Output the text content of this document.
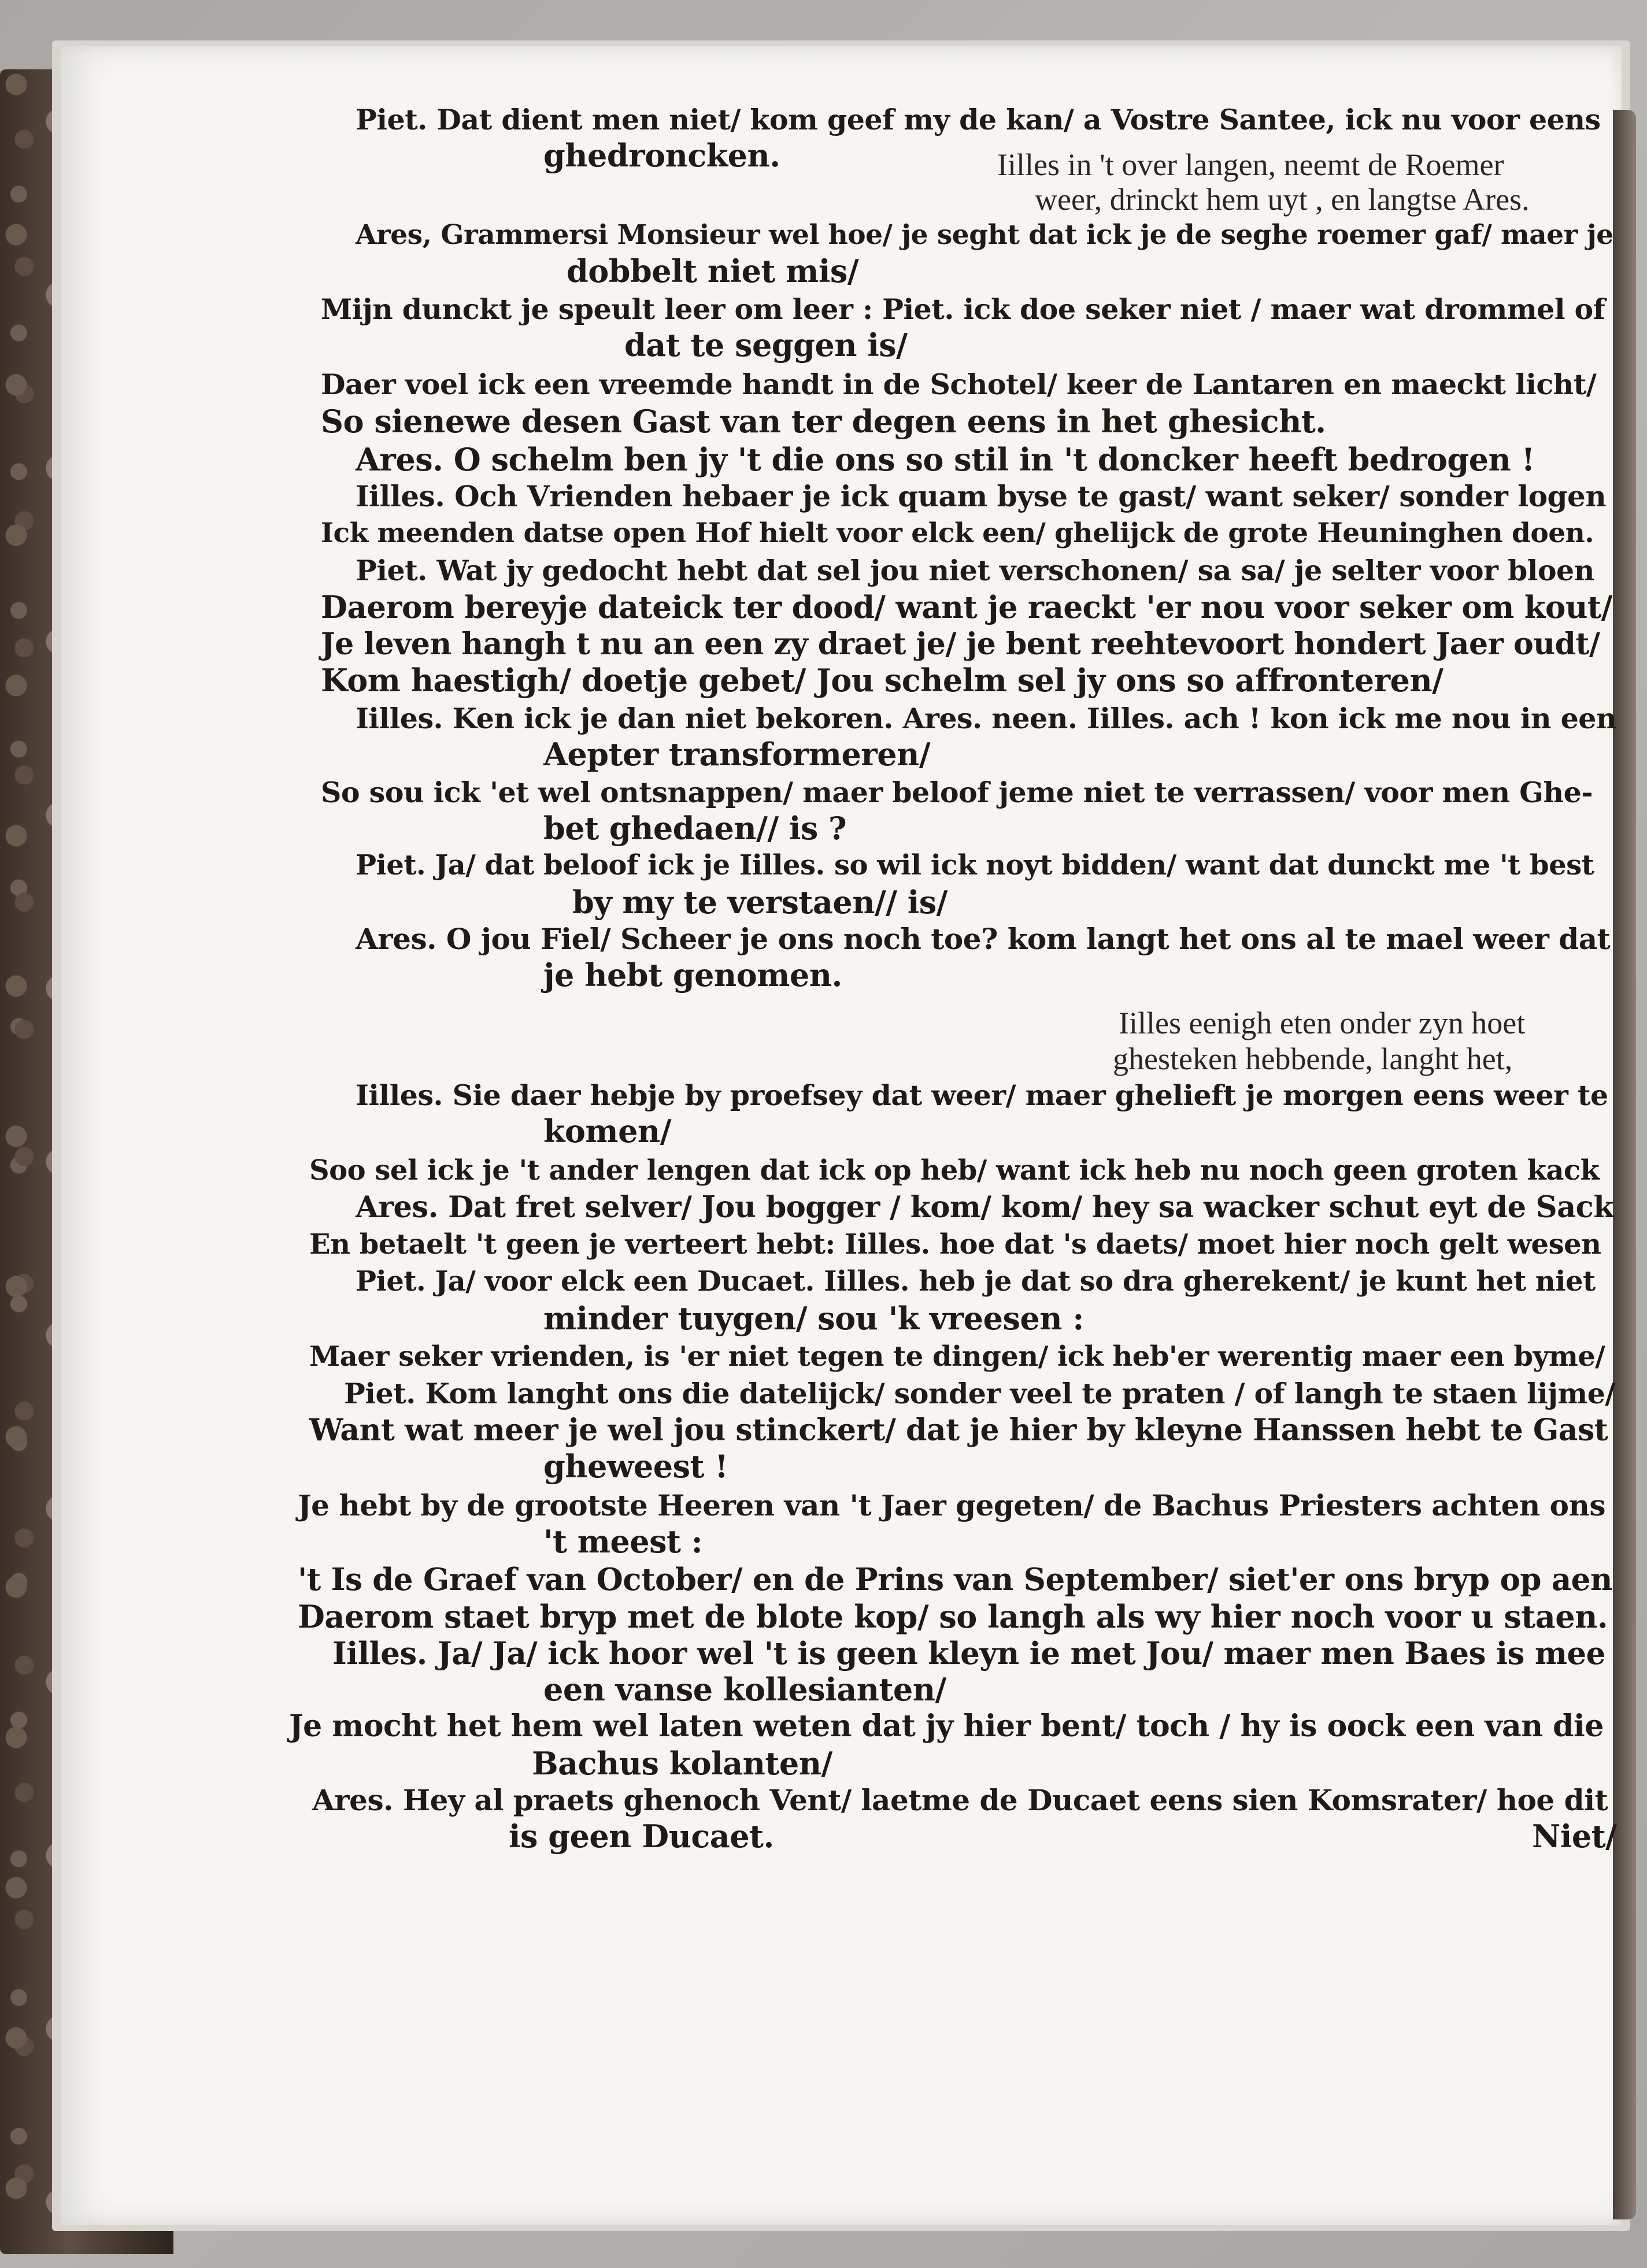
Piet. Dat dient men niet/ kom geef my de kan/ a Vostre Santee, ick nu voor eens
ghedroncken.	Iilles in 't over langen, neemt de Roemer
weer, drinckt hem uyt , en langtse Ares.
Ares, Grammersi Monsieur wel hoe/ je seght dat ick je de seghe roemer gaf/ maer je
dobbelt niet mis/
Mijn dunckt je speult leer om leer : Piet. ick doe seker niet / maer wat drommel of
dat te seggen is/
Daer voel ick een vreemde handt in de Schotel/ keer de Lantaren en maeckt licht/
So sienewe desen Gast van ter degen eens in het ghesicht.
Ares. O schelm ben jy 't die ons so stil in 't doncker heeft bedrogen !
Iilles. Och Vrienden hebaer je ick quam byse te gast/ want seker/ sonder logen
Ick meenden datse open Hof hielt voor elck een/ ghelijck de grote Heuninghen doen.
Piet. Wat jy gedocht hebt dat sel jou niet verschonen/ sa sa/ je selter voor bloen
Daerom bereyje dateick ter dood/ want je raeckt 'er nou voor seker om kout/
Je leven hangh t nu an een zy draet je/ je bent reehtevoort hondert Jaer oudt/
Kom haestigh/ doetje gebet/ Jou schelm sel jy ons so affronteren/
Iilles. Ken ick je dan niet bekoren. Ares. neen. Iilles. ach ! kon ick me nou in een
Aepter transformeren/
So sou ick 'et wel ontsnappen/ maer beloof jeme niet te verrassen/ voor men Ghe-
bet ghedaen// is ?
Piet. Ja/ dat beloof ick je Iilles. so wil ick noyt bidden/ want dat dunckt me 't best
by my te verstaen// is/
Ares. O jou Fiel/ Scheer je ons noch toe? kom langt het ons al te mael weer dat
je hebt genomen.
Iilles eenigh eten onder zyn hoet
ghesteken hebbende, langht het,
Iilles. Sie daer hebje by proefsey dat weer/ maer ghelieft je morgen eens weer te
komen/
Soo sel ick je 't ander lengen dat ick op heb/ want ick heb nu noch geen groten kack
Ares. Dat fret selver/ Jou bogger / kom/ kom/ hey sa wacker schut eyt de Sack
En betaelt 't geen je verteert hebt: Iilles. hoe dat 's daets/ moet hier noch gelt wesen
Piet. Ja/ voor elck een Ducaet. Iilles. heb je dat so dra gherekent/ je kunt het niet
minder tuygen/ sou 'k vreesen :
Maer seker vrienden, is 'er niet tegen te dingen/ ick heb'er werentig maer een byme/
Piet. Kom langht ons die datelijck/ sonder veel te praten / of langh te staen lijme/
Want wat meer je wel jou stinckert/ dat je hier by kleyne Hanssen hebt te Gast
gheweest !
Je hebt by de grootste Heeren van 't Jaer gegeten/ de Bachus Priesters achten ons
't meest :
't Is de Graef van October/ en de Prins van September/ siet'er ons bryp op aen
Daerom staet bryp met de blote kop/ so langh als wy hier noch voor u staen.
Iilles. Ja/ Ja/ ick hoor wel 't is geen kleyn ie met Jou/ maer men Baes is mee
een vanse kollesianten/
Je mocht het hem wel laten weten dat jy hier bent/ toch / hy is oock een van die
Bachus kolanten/
Ares. Hey al praets ghenoch Vent/ laetme de Ducaet eens sien Komsrater/ hoe dit
is geen Ducaet.	Niet/
